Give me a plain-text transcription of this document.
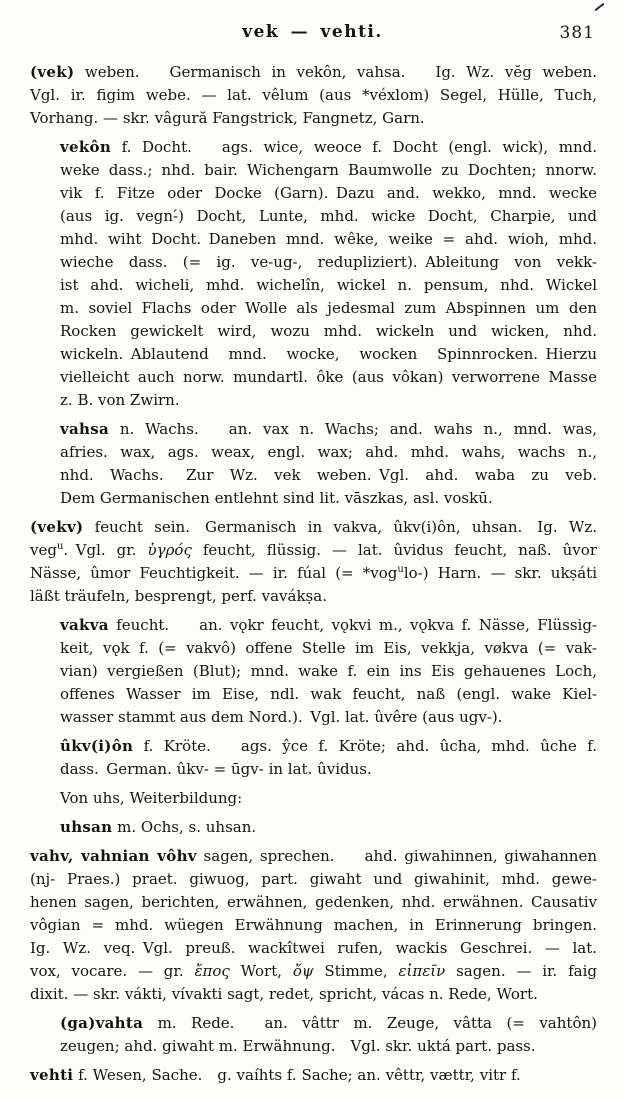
vek — vehti.	381
(vek) weben.  Germanisch in vekôn, vahsa.  Ig. Wz. vĕg weben.
Vgl. ir. figim webe. — lat. vêlum (aus *véxlom) Segel, Hülle, Tuch,
Vorhang. — skr. vâgură Fangstrick, Fangnetz, Garn.
vekôn f. Docht.  ags. wice, weoce f. Docht (engl. wick), mnd.
weke dass.; nhd. bair. Wichengarn Baumwolle zu Dochten; nnorw.
vik f. Fitze oder Docke (Garn). Dazu and. wekko, mnd. wecke
(aus ig. vegn-́) Docht, Lunte, mhd. wicke Docht, Charpie, und
mhd. wiht Docht. Daneben mnd. wêke, weike = ahd. wioh, mhd.
wieche dass. (= ig. ve-ug-, redupliziert). Ableitung von vekk-
ist ahd. wicheli, mhd. wichelîn, wickel n. pensum, nhd. Wickel
m. soviel Flachs oder Wolle als jedesmal zum Abspinnen um den
Rocken gewickelt wird, wozu mhd. wickeln und wicken, nhd.
wickeln. Ablautend mnd. wocke, wocken Spinnrocken. Hierzu
vielleicht auch norw. mundartl. ôke (aus vôkan) verworrene Masse
z. B. von Zwirn.
vahsa n. Wachs.  an. vax n. Wachs; and. wahs n., mnd. was,
afries. wax, ags. weax, engl. wax; ahd. mhd. wahs, wachs n.,
nhd. Wachs.  Zur Wz. vek weben. Vgl. ahd. waba zu veb.
Dem Germanischen entlehnt sind lit. vāszkas, asl. voskū.
(vekv) feucht sein. Germanisch in vakva, ûkv(i)ôn, uhsan. Ig. Wz.
veg$^u$. Vgl. gr. ὑγρός feucht, flüssig. — lat. ûvidus feucht, naß. ûvor
Nässe, ûmor Feuchtigkeit. — ir. fúal (= *vog$^u$lo-) Harn. — skr. ukṣáti
läßt träufeln, besprengt, perf. vavákṣa.
vakva feucht.  an. vǫkr feucht, vǫkvi m., vǫkva f. Nässe, Flüssig-
keit, vǫk f. (= vakvô) offene Stelle im Eis, vekkja, vøkva (= vak-
vian) vergießen (Blut); mnd. wake f. ein ins Eis gehauenes Loch,
offenes Wasser im Eise, ndl. wak feucht, naß (engl. wake Kiel-
wasser stammt aus dem Nord.). Vgl. lat. ûvêre (aus ugv-).
ûkv(i)ôn f. Kröte.  ags. ŷce f. Kröte; ahd. ûcha, mhd. ûche f.
dass. German. ûkv- = ūgv- in lat. ûvidus.
Von uhs, Weiterbildung:
uhsan m. Ochs, s. uhsan.
vahv, vahnian vôhv sagen, sprechen.  ahd. giwahinnen, giwahannen
(nj- Praes.) praet. giwuog, part. giwaht und giwahinit, mhd. gewe-
henen sagen, berichten, erwähnen, gedenken, nhd. erwähnen. Causativ
vôgian = mhd. wüegen Erwähnung machen, in Erinnerung bringen.
Ig. Wz. veq. Vgl. preuß. wackîtwei rufen, wackis Geschrei. — lat.
vox, vocare. — gr. ἔπος Wort, ὄψ Stimme, εἰπεῖν sagen. — ir. faig
dixit. — skr. vákti, vívakti sagt, redet, spricht, vácas n. Rede, Wort.
(ga)vahta m. Rede.  an. vâttr m. Zeuge, vâtta (= vahtôn)
zeugen; ahd. giwaht m. Erwähnung. Vgl. skr. uktá part. pass.
vehti f. Wesen, Sache. g. vaíhts f. Sache; an. vêttr, vættr, vitr f.
